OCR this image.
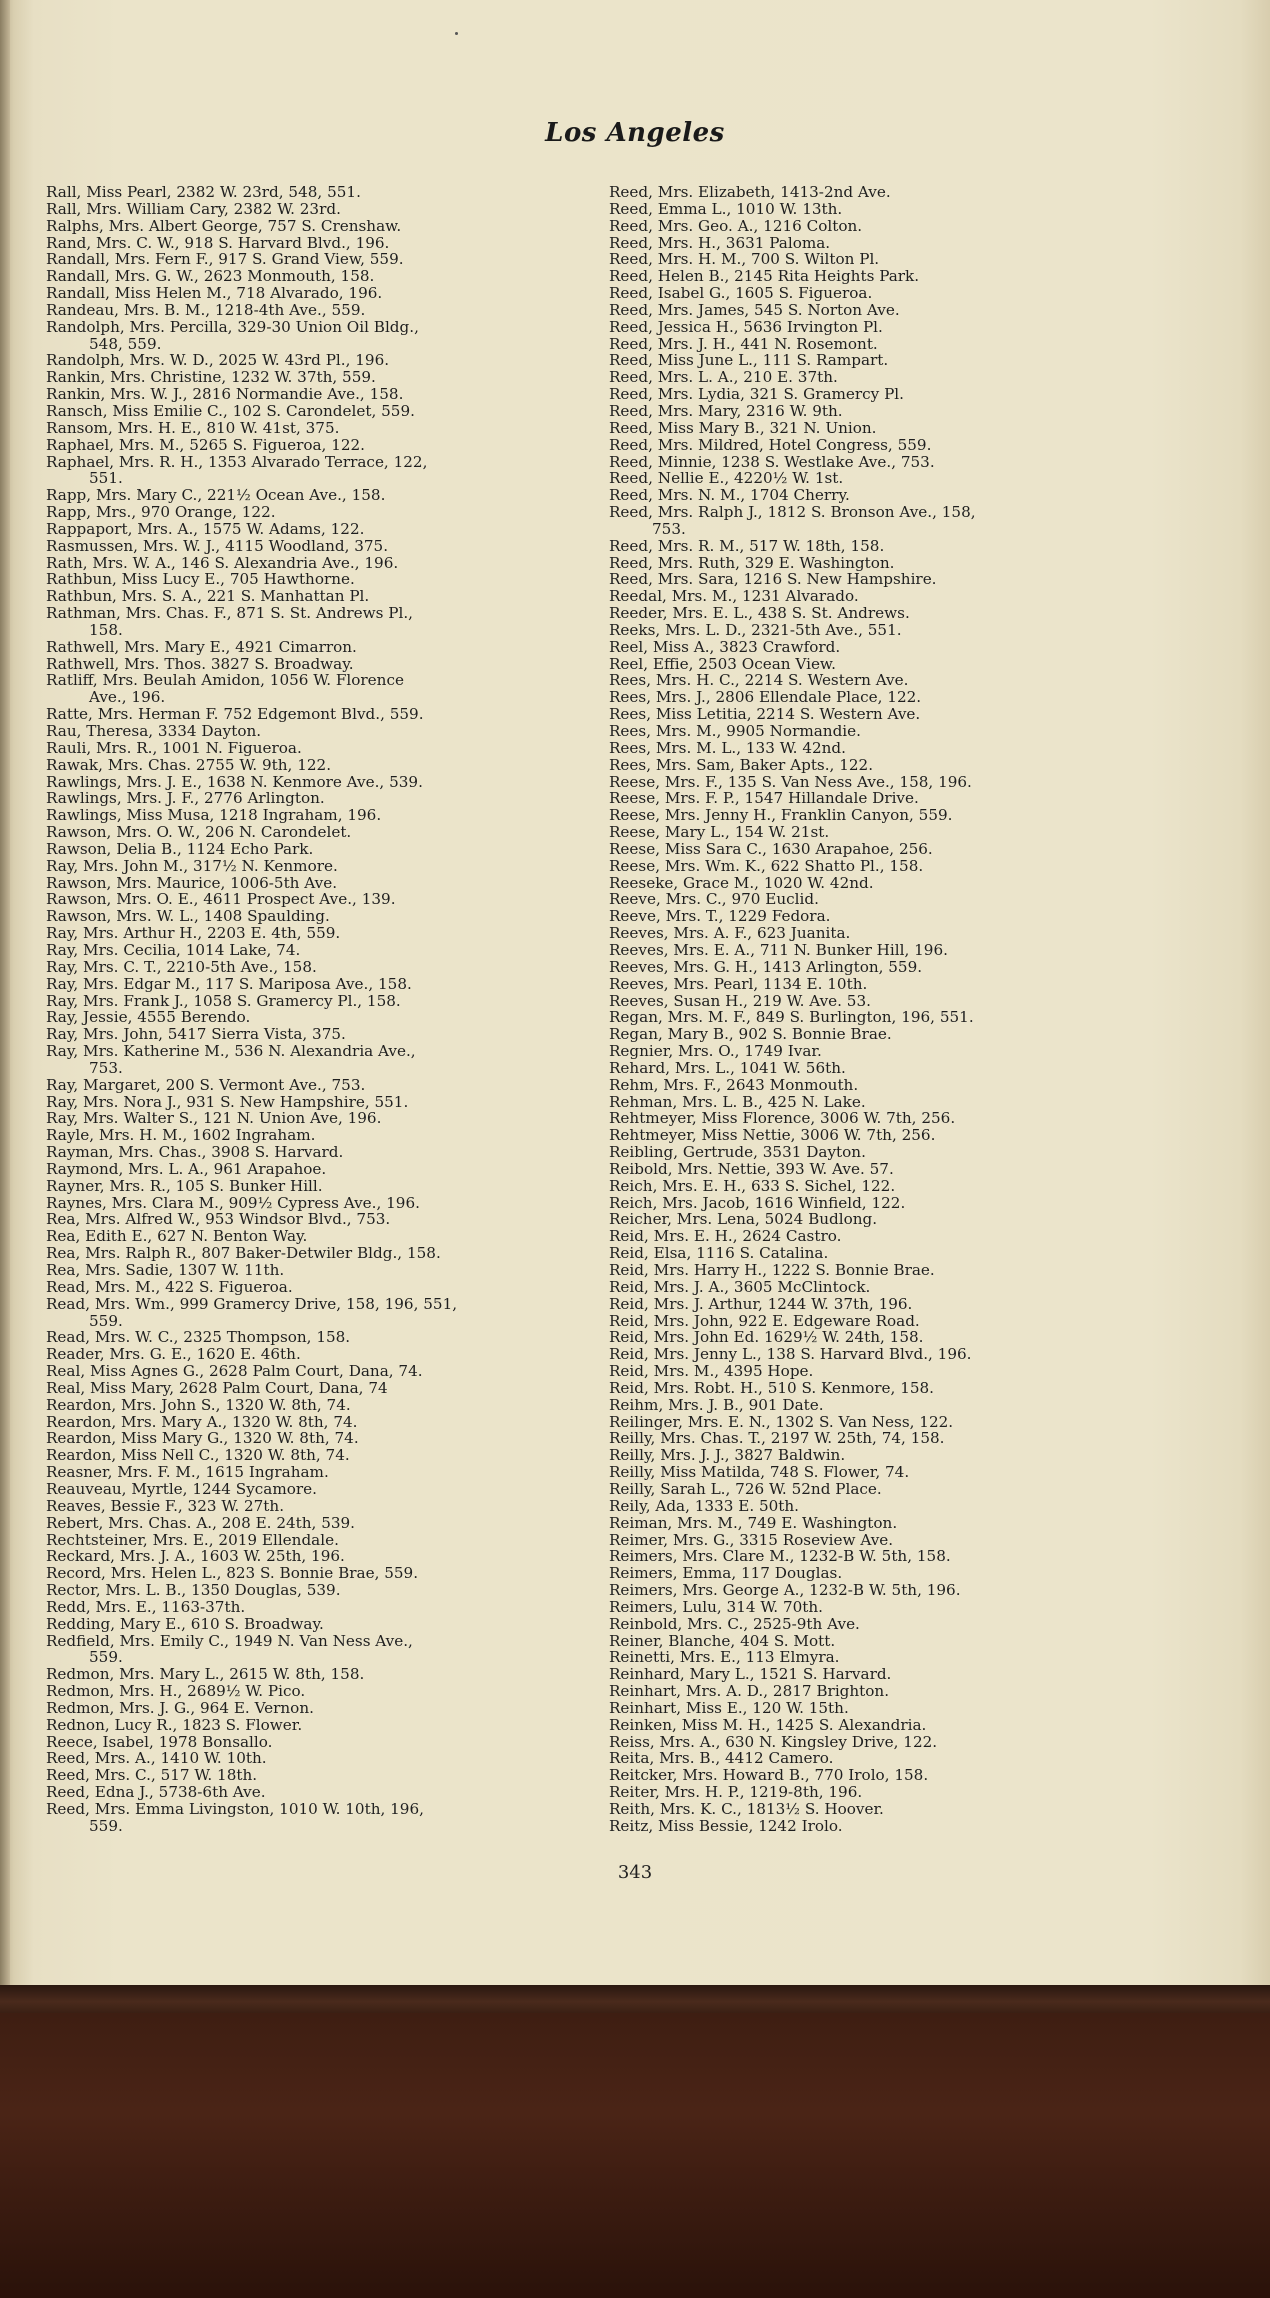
Los Angeles
Rall, Miss Pearl, 2382 W. 23rd, 548, 551.
Rall, Mrs. William Cary, 2382 W. 23rd.
Ralphs, Mrs. Albert George, 757 S. Crenshaw.
Rand, Mrs. C. W., 918 S. Harvard Blvd., 196.
Randall, Mrs. Fern F., 917 S. Grand View, 559.
Randall, Mrs. G. W., 2623 Monmouth, 158.
Randall, Miss Helen M., 718 Alvarado, 196.
Randeau, Mrs. B. M., 1218-4th Ave., 559.
Randolph, Mrs. Percilla, 329-30 Union Oil Bldg.,
548, 559.
Randolph, Mrs. W. D., 2025 W. 43rd Pl., 196.
Rankin, Mrs. Christine, 1232 W. 37th, 559.
Rankin, Mrs. W. J., 2816 Normandie Ave., 158.
Ransch, Miss Emilie C., 102 S. Carondelet, 559.
Ransom, Mrs. H. E., 810 W. 41st, 375.
Raphael, Mrs. M., 5265 S. Figueroa, 122.
Raphael, Mrs. R. H., 1353 Alvarado Terrace, 122,
551.
Rapp, Mrs. Mary C., 221½ Ocean Ave., 158.
Rapp, Mrs., 970 Orange, 122.
Rappaport, Mrs. A., 1575 W. Adams, 122.
Rasmussen, Mrs. W. J., 4115 Woodland, 375.
Rath, Mrs. W. A., 146 S. Alexandria Ave., 196.
Rathbun, Miss Lucy E., 705 Hawthorne.
Rathbun, Mrs. S. A., 221 S. Manhattan Pl.
Rathman, Mrs. Chas. F., 871 S. St. Andrews Pl.,
158.
Rathwell, Mrs. Mary E., 4921 Cimarron.
Rathwell, Mrs. Thos. 3827 S. Broadway.
Ratliff, Mrs. Beulah Amidon, 1056 W. Florence
Ave., 196.
Ratte, Mrs. Herman F. 752 Edgemont Blvd., 559.
Rau, Theresa, 3334 Dayton.
Rauli, Mrs. R., 1001 N. Figueroa.
Rawak, Mrs. Chas. 2755 W. 9th, 122.
Rawlings, Mrs. J. E., 1638 N. Kenmore Ave., 539.
Rawlings, Mrs. J. F., 2776 Arlington.
Rawlings, Miss Musa, 1218 Ingraham, 196.
Rawson, Mrs. O. W., 206 N. Carondelet.
Rawson, Delia B., 1124 Echo Park.
Ray, Mrs. John M., 317½ N. Kenmore.
Rawson, Mrs. Maurice, 1006-5th Ave.
Rawson, Mrs. O. E., 4611 Prospect Ave., 139.
Rawson, Mrs. W. L., 1408 Spaulding.
Ray, Mrs. Arthur H., 2203 E. 4th, 559.
Ray, Mrs. Cecilia, 1014 Lake, 74.
Ray, Mrs. C. T., 2210-5th Ave., 158.
Ray, Mrs. Edgar M., 117 S. Mariposa Ave., 158.
Ray, Mrs. Frank J., 1058 S. Gramercy Pl., 158.
Ray, Jessie, 4555 Berendo.
Ray, Mrs. John, 5417 Sierra Vista, 375.
Ray, Mrs. Katherine M., 536 N. Alexandria Ave.,
753.
Ray, Margaret, 200 S. Vermont Ave., 753.
Ray, Mrs. Nora J., 931 S. New Hampshire, 551.
Ray, Mrs. Walter S., 121 N. Union Ave, 196.
Rayle, Mrs. H. M., 1602 Ingraham.
Rayman, Mrs. Chas., 3908 S. Harvard.
Raymond, Mrs. L. A., 961 Arapahoe.
Rayner, Mrs. R., 105 S. Bunker Hill.
Raynes, Mrs. Clara M., 909½ Cypress Ave., 196.
Rea, Mrs. Alfred W., 953 Windsor Blvd., 753.
Rea, Edith E., 627 N. Benton Way.
Rea, Mrs. Ralph R., 807 Baker-Detwiler Bldg., 158.
Rea, Mrs. Sadie, 1307 W. 11th.
Read, Mrs. M., 422 S. Figueroa.
Read, Mrs. Wm., 999 Gramercy Drive, 158, 196, 551,
559.
Read, Mrs. W. C., 2325 Thompson, 158.
Reader, Mrs. G. E., 1620 E. 46th.
Real, Miss Agnes G., 2628 Palm Court, Dana, 74.
Real, Miss Mary, 2628 Palm Court, Dana, 74
Reardon, Mrs. John S., 1320 W. 8th, 74.
Reardon, Mrs. Mary A., 1320 W. 8th, 74.
Reardon, Miss Mary G., 1320 W. 8th, 74.
Reardon, Miss Nell C., 1320 W. 8th, 74.
Reasner, Mrs. F. M., 1615 Ingraham.
Reauveau, Myrtle, 1244 Sycamore.
Reaves, Bessie F., 323 W. 27th.
Rebert, Mrs. Chas. A., 208 E. 24th, 539.
Rechtsteiner, Mrs. E., 2019 Ellendale.
Reckard, Mrs. J. A., 1603 W. 25th, 196.
Record, Mrs. Helen L., 823 S. Bonnie Brae, 559.
Rector, Mrs. L. B., 1350 Douglas, 539.
Redd, Mrs. E., 1163-37th.
Redding, Mary E., 610 S. Broadway.
Redfield, Mrs. Emily C., 1949 N. Van Ness Ave.,
559.
Redmon, Mrs. Mary L., 2615 W. 8th, 158.
Redmon, Mrs. H., 2689½ W. Pico.
Redmon, Mrs. J. G., 964 E. Vernon.
Rednon, Lucy R., 1823 S. Flower.
Reece, Isabel, 1978 Bonsallo.
Reed, Mrs. A., 1410 W. 10th.
Reed, Mrs. C., 517 W. 18th.
Reed, Edna J., 5738-6th Ave.
Reed, Mrs. Emma Livingston, 1010 W. 10th, 196,
559.
Reed, Mrs. Elizabeth, 1413-2nd Ave.
Reed, Emma L., 1010 W. 13th.
Reed, Mrs. Geo. A., 1216 Colton.
Reed, Mrs. H., 3631 Paloma.
Reed, Mrs. H. M., 700 S. Wilton Pl.
Reed, Helen B., 2145 Rita Heights Park.
Reed, Isabel G., 1605 S. Figueroa.
Reed, Mrs. James, 545 S. Norton Ave.
Reed, Jessica H., 5636 Irvington Pl.
Reed, Mrs. J. H., 441 N. Rosemont.
Reed, Miss June L., 111 S. Rampart.
Reed, Mrs. L. A., 210 E. 37th.
Reed, Mrs. Lydia, 321 S. Gramercy Pl.
Reed, Mrs. Mary, 2316 W. 9th.
Reed, Miss Mary B., 321 N. Union.
Reed, Mrs. Mildred, Hotel Congress, 559.
Reed, Minnie, 1238 S. Westlake Ave., 753.
Reed, Nellie E., 4220½ W. 1st.
Reed, Mrs. N. M., 1704 Cherry.
Reed, Mrs. Ralph J., 1812 S. Bronson Ave., 158,
753.
Reed, Mrs. R. M., 517 W. 18th, 158.
Reed, Mrs. Ruth, 329 E. Washington.
Reed, Mrs. Sara, 1216 S. New Hampshire.
Reedal, Mrs. M., 1231 Alvarado.
Reeder, Mrs. E. L., 438 S. St. Andrews.
Reeks, Mrs. L. D., 2321-5th Ave., 551.
Reel, Miss A., 3823 Crawford.
Reel, Effie, 2503 Ocean View.
Rees, Mrs. H. C., 2214 S. Western Ave.
Rees, Mrs. J., 2806 Ellendale Place, 122.
Rees, Miss Letitia, 2214 S. Western Ave.
Rees, Mrs. M., 9905 Normandie.
Rees, Mrs. M. L., 133 W. 42nd.
Rees, Mrs. Sam, Baker Apts., 122.
Reese, Mrs. F., 135 S. Van Ness Ave., 158, 196.
Reese, Mrs. F. P., 1547 Hillandale Drive.
Reese, Mrs. Jenny H., Franklin Canyon, 559.
Reese, Mary L., 154 W. 21st.
Reese, Miss Sara C., 1630 Arapahoe, 256.
Reese, Mrs. Wm. K., 622 Shatto Pl., 158.
Reeseke, Grace M., 1020 W. 42nd.
Reeve, Mrs. C., 970 Euclid.
Reeve, Mrs. T., 1229 Fedora.
Reeves, Mrs. A. F., 623 Juanita.
Reeves, Mrs. E. A., 711 N. Bunker Hill, 196.
Reeves, Mrs. G. H., 1413 Arlington, 559.
Reeves, Mrs. Pearl, 1134 E. 10th.
Reeves, Susan H., 219 W. Ave. 53.
Regan, Mrs. M. F., 849 S. Burlington, 196, 551.
Regan, Mary B., 902 S. Bonnie Brae.
Regnier, Mrs. O., 1749 Ivar.
Rehard, Mrs. L., 1041 W. 56th.
Rehm, Mrs. F., 2643 Monmouth.
Rehman, Mrs. L. B., 425 N. Lake.
Rehtmeyer, Miss Florence, 3006 W. 7th, 256.
Rehtmeyer, Miss Nettie, 3006 W. 7th, 256.
Reibling, Gertrude, 3531 Dayton.
Reibold, Mrs. Nettie, 393 W. Ave. 57.
Reich, Mrs. E. H., 633 S. Sichel, 122.
Reich, Mrs. Jacob, 1616 Winfield, 122.
Reicher, Mrs. Lena, 5024 Budlong.
Reid, Mrs. E. H., 2624 Castro.
Reid, Elsa, 1116 S. Catalina.
Reid, Mrs. Harry H., 1222 S. Bonnie Brae.
Reid, Mrs. J. A., 3605 McClintock.
Reid, Mrs. J. Arthur, 1244 W. 37th, 196.
Reid, Mrs. John, 922 E. Edgeware Road.
Reid, Mrs. John Ed. 1629½ W. 24th, 158.
Reid, Mrs. Jenny L., 138 S. Harvard Blvd., 196.
Reid, Mrs. M., 4395 Hope.
Reid, Mrs. Robt. H., 510 S. Kenmore, 158.
Reihm, Mrs. J. B., 901 Date.
Reilinger, Mrs. E. N., 1302 S. Van Ness, 122.
Reilly, Mrs. Chas. T., 2197 W. 25th, 74, 158.
Reilly, Mrs. J. J., 3827 Baldwin.
Reilly, Miss Matilda, 748 S. Flower, 74.
Reilly, Sarah L., 726 W. 52nd Place.
Reily, Ada, 1333 E. 50th.
Reiman, Mrs. M., 749 E. Washington.
Reimer, Mrs. G., 3315 Roseview Ave.
Reimers, Mrs. Clare M., 1232-B W. 5th, 158.
Reimers, Emma, 117 Douglas.
Reimers, Mrs. George A., 1232-B W. 5th, 196.
Reimers, Lulu, 314 W. 70th.
Reinbold, Mrs. C., 2525-9th Ave.
Reiner, Blanche, 404 S. Mott.
Reinetti, Mrs. E., 113 Elmyra.
Reinhard, Mary L., 1521 S. Harvard.
Reinhart, Mrs. A. D., 2817 Brighton.
Reinhart, Miss E., 120 W. 15th.
Reinken, Miss M. H., 1425 S. Alexandria.
Reiss, Mrs. A., 630 N. Kingsley Drive, 122.
Reita, Mrs. B., 4412 Camero.
Reitcker, Mrs. Howard B., 770 Irolo, 158.
Reiter, Mrs. H. P., 1219-8th, 196.
Reith, Mrs. K. C., 1813½ S. Hoover.
Reitz, Miss Bessie, 1242 Irolo.
343
